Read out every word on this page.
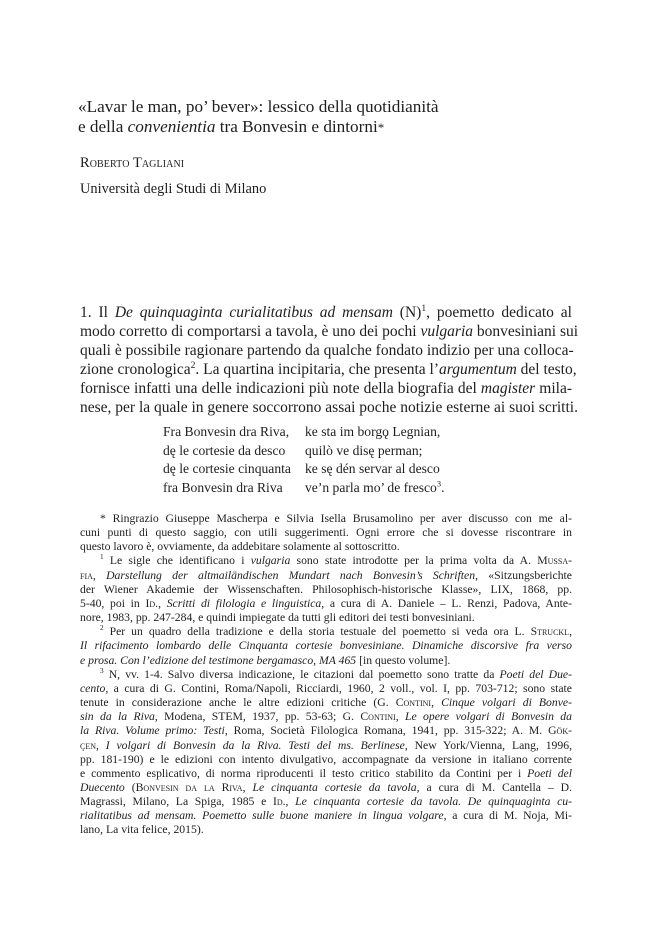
«Lavar le man, po’ bever»: lessico della quotidianità
e della convenientia tra Bonvesin e dintorni*
Roberto Tagliani
Università degli Studi di Milano
1. Il De quinquaginta curialitatibus ad mensam $(N)^1$, poemetto dedicato al
modo corretto di comportarsi a tavola, è uno dei pochi vulgaria bonvesiniani sui
quali è possibile ragionare partendo da qualche fondato indizio per una colloca-
zione cronologica$^2$. La quartina incipitaria, che presenta l’argumentum del testo,
fornisce infatti una delle indicazioni più note della biografia del magister mila-
nese, per la quale in genere soccorrono assai poche notizie esterne ai suoi scritti.
Fra Bonvesin dra Riva, ke sta im borgǫ Legnian,
dę le cortesie da desco quilò ve disę perman;
dę le cortesie cinquanta ke sę dén servar al desco
fra Bonvesin dra Riva ve’n parla mo’ de fresco$^3$.
* Ringrazio Giuseppe Mascherpa e Silvia Isella Brusamolino per aver discusso con me al-
cuni punti di questo saggio, con utili suggerimenti. Ogni errore che si dovesse riscontrare in
questo lavoro è, ovviamente, da addebitare solamente al sottoscritto.
$^1$ Le sigle che identificano i vulgaria sono state introdotte per la prima volta da A. Mussa-
fia, Darstellung der altmailändischen Mundart nach Bonvesin’s Schriften, «Sitzungsberichte
der Wiener Akademie der Wissenschaften. Philosophisch-historische Klasse», LIX, 1868, pp.
5-40, poi in Id., Scritti di filologia e linguistica, a cura di A. Daniele – L. Renzi, Padova, Ante-
nore, 1983, pp. 247-284, e quindi impiegate da tutti gli editori dei testi bonvesiniani.
$^2$ Per un quadro della tradizione e della storia testuale del poemetto si veda ora L. Struckl,
Il rifacimento lombardo delle Cinquanta cortesie bonvesiniane. Dinamiche discorsive fra verso
e prosa. Con l’edizione del testimone bergamasco, MA 465 [in questo volume].
$^3$ N, vv. 1-4. Salvo diversa indicazione, le citazioni dal poemetto sono tratte da Poeti del Due-
cento, a cura di G. Contini, Roma/Napoli, Ricciardi, 1960, 2 voll., vol. I, pp. 703-712; sono state
tenute in considerazione anche le altre edizioni critiche (G. Contini, Cinque volgari di Bonve-
sin da la Riva, Modena, STEM, 1937, pp. 53-63; G. Contini, Le opere volgari di Bonvesin da
la Riva. Volume primo: Testi, Roma, Società Filologica Romana, 1941, pp. 315-322; A. M. Gök-
çen, I volgari di Bonvesin da la Riva. Testi del ms. Berlinese, New York/Vienna, Lang, 1996,
pp. 181-190) e le edizioni con intento divulgativo, accompagnate da versione in italiano corrente
e commento esplicativo, di norma riproducenti il testo critico stabilito da Contini per i Poeti del
Duecento (Bonvesin da la Riva, Le cinquanta cortesie da tavola, a cura di M. Cantella – D.
Magrassi, Milano, La Spiga, 1985 e Id., Le cinquanta cortesie da tavola. De quinquaginta cu-
rialitatibus ad mensam. Poemetto sulle buone maniere in lingua volgare, a cura di M. Noja, Mi-
lano, La vita felice, 2015).
